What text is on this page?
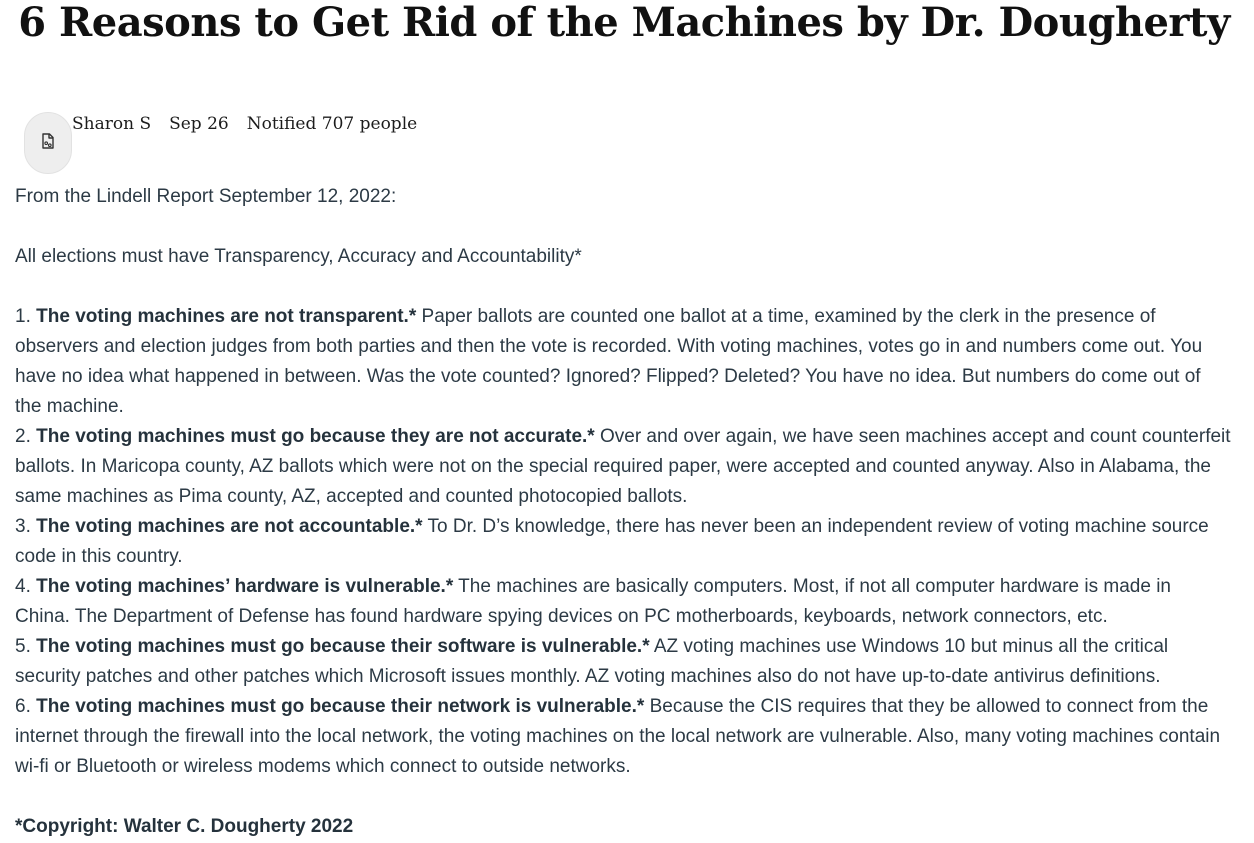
6 Reasons to Get Rid of the Machines by Dr. Dougherty
Sharon S Sep 26 Notified 707 people

From the Lindell Report September 12, 2022:

All elections must have Transparency, Accuracy and Accountability*

1. The voting machines are not transparent.* Paper ballots are counted one ballot at a time, examined by the clerk in the presence of observers and election judges from both parties and then the vote is recorded. With voting machines, votes go in and numbers come out. You have no idea what happened in between. Was the vote counted? Ignored? Flipped? Deleted? You have no idea. But numbers do come out of the machine.

2. The voting machines must go because they are not accurate.* Over and over again, we have seen machines accept and count counterfeit ballots. In Maricopa county, AZ ballots which were not on the special required paper, were accepted and counted anyway. Also in Alabama, the same machines as Pima county, AZ, accepted and counted photocopied ballots.

3. The voting machines are not accountable.* To Dr. D’s knowledge, there has never been an independent review of voting machine source code in this country.

4. The voting machines’ hardware is vulnerable.* The machines are basically computers. Most, if not all computer hardware is made in China. The Department of Defense has found hardware spying devices on PC motherboards, keyboards, network connectors, etc.

5. The voting machines must go because their software is vulnerable.* AZ voting machines use Windows 10 but minus all the critical security patches and other patches which Microsoft issues monthly. AZ voting machines also do not have up-to-date antivirus definitions.

6. The voting machines must go because their network is vulnerable.* Because the CIS requires that they be allowed to connect from the internet through the firewall into the local network, the voting machines on the local network are vulnerable. Also, many voting machines contain wi-fi or Bluetooth or wireless modems which connect to outside networks.

*Copyright: Walter C. Dougherty 2022
